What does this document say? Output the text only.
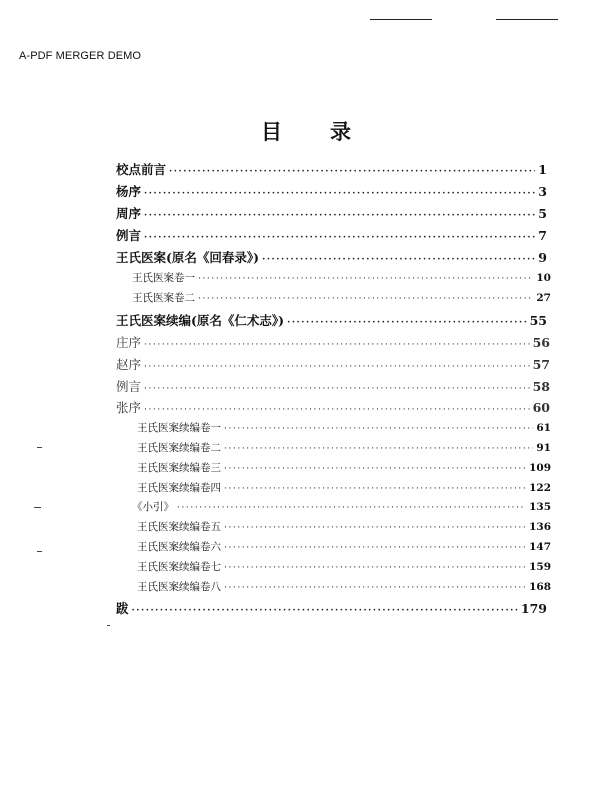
A-PDF MERGER DEMO
目 录
校点前言 ·····	1
杨序 ·····	3
周序 ·····	5
例言 ·····	7
王氏医案(原名《回春录》) ·····	9
王氏医案卷一 ·····	10
王氏医案卷二 ·····	27
王氏医案续编(原名《仁术志》) ·····	55
庄序 ·····	56
赵序 ·····	57
例言 ·····	58
张序 ·····	60
王氏医案续编卷一 ·····	61
王氏医案续编卷二 ·····	91
王氏医案续编卷三 ·····	109
王氏医案续编卷四 ·····	122
《小引》 ·····	135
王氏医案续编卷五 ·····	136
王氏医案续编卷六 ·····	147
王氏医案续编卷七 ·····	159
王氏医案续编卷八 ·····	168
跋 ·····	179
